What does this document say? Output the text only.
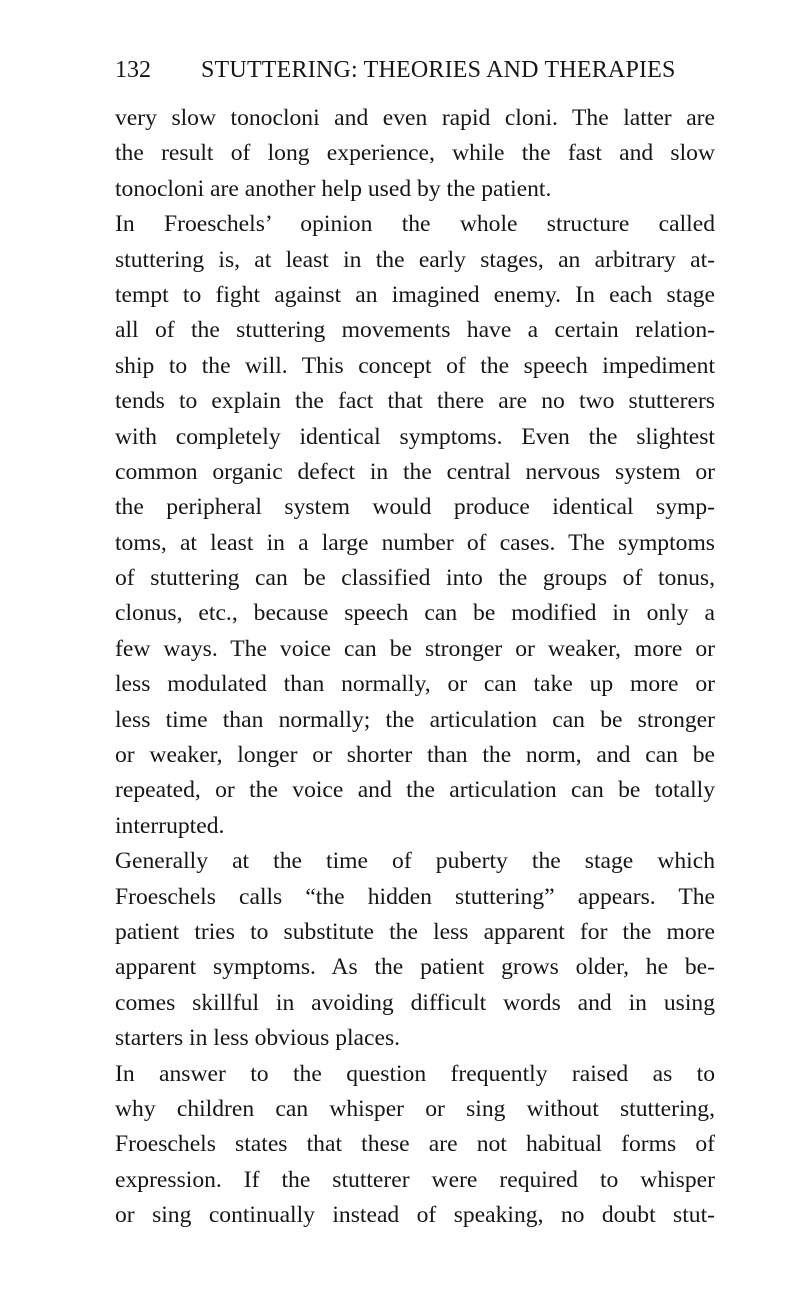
132 STUTTERING: THEORIES AND THERAPIES
very slow tonocloni and even rapid cloni. The latter are
the result of long experience, while the fast and slow
tonocloni are another help used by the patient.
In Froeschels’ opinion the whole structure called
stuttering is, at least in the early stages, an arbitrary at-
tempt to fight against an imagined enemy. In each stage
all of the stuttering movements have a certain relation-
ship to the will. This concept of the speech impediment
tends to explain the fact that there are no two stutterers
with completely identical symptoms. Even the slightest
common organic defect in the central nervous system or
the peripheral system would produce identical symp-
toms, at least in a large number of cases. The symptoms
of stuttering can be classified into the groups of tonus,
clonus, etc., because speech can be modified in only a
few ways. The voice can be stronger or weaker, more or
less modulated than normally, or can take up more or
less time than normally; the articulation can be stronger
or weaker, longer or shorter than the norm, and can be
repeated, or the voice and the articulation can be totally
interrupted.
Generally at the time of puberty the stage which
Froeschels calls “the hidden stuttering” appears. The
patient tries to substitute the less apparent for the more
apparent symptoms. As the patient grows older, he be-
comes skillful in avoiding difficult words and in using
starters in less obvious places.
In answer to the question frequently raised as to
why children can whisper or sing without stuttering,
Froeschels states that these are not habitual forms of
expression. If the stutterer were required to whisper
or sing continually instead of speaking, no doubt stut-
